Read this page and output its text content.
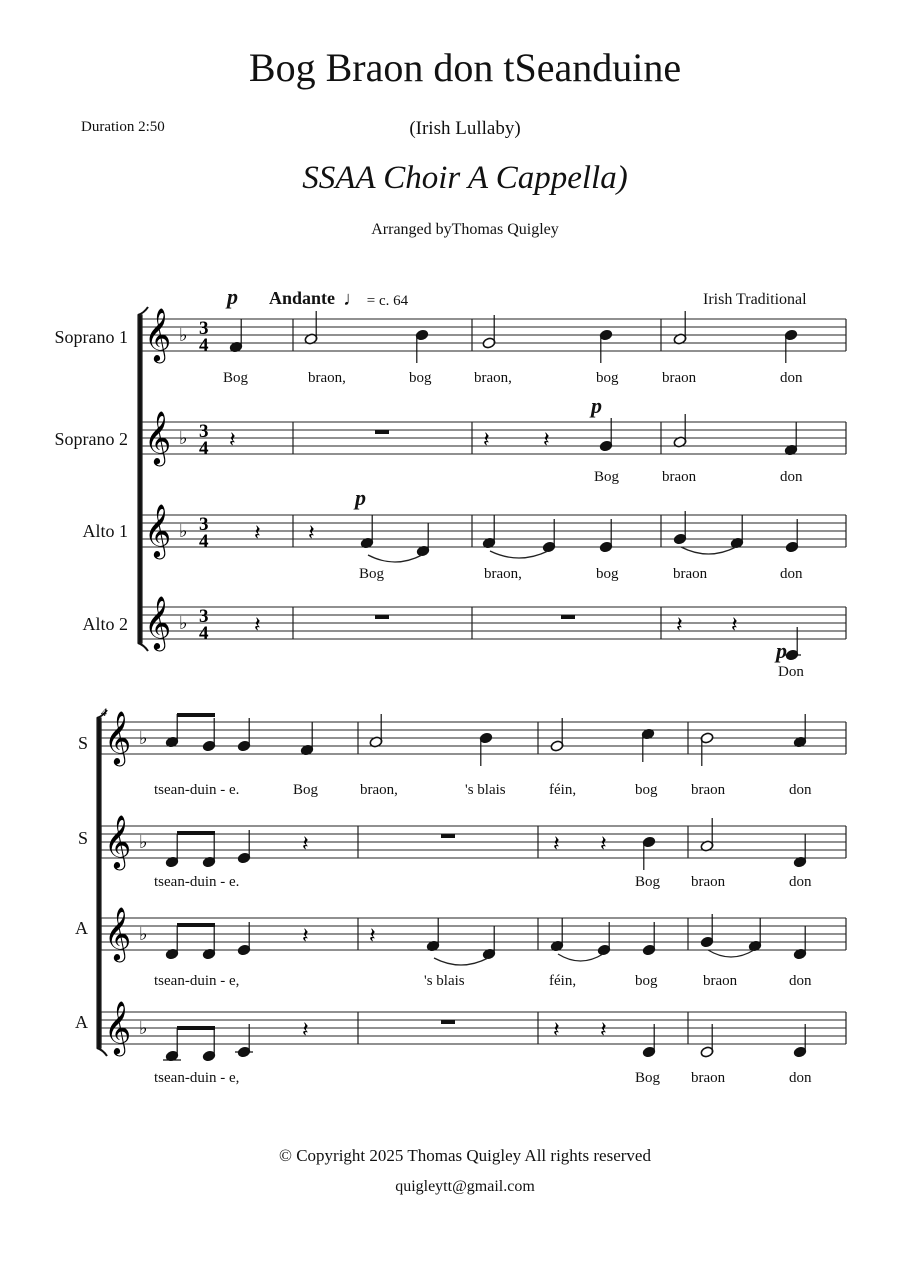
Bog Braon don tSeanduine
Duration 2:50	(Irish Lullaby)
SSAA Choir A Cappella)
Arranged byThomas Quigley
Irish Traditional
Andante ♩ = c. 64
𝄞 ♭ 3
4
𝄞 ♭ 3
4
𝄞 ♭ 3
4
𝄞 ♭ 3
4
𝄞 ♭
𝄞 ♭
𝄞 ♭
𝄞 ♭
𝄽	𝄽 𝄽
𝄽 𝄽
𝄽	𝄽 𝄽
𝄽	𝄽 𝄽
𝄽	𝄽
𝄽	𝄽 𝄽
4
Soprano 1
Soprano 2
Alto 1
Alto 2
S
S
A
A
p
p
p
p
Bog	braon,	bog	braon,	bog	braon	don
Bog	braon	don
Bog	braon,	bog	braon	don
Don
tsean-duin - e.	Bog	braon,	's blais	féin,	bog braon	don
tsean-duin - e.	Bog braon	don
tsean-duin - e,	's blais	féin,	bog	braon	don
tsean-duin - e,	Bog braon	don
© Copyright 2025 Thomas Quigley All rights reserved
quigleytt@gmail.com
